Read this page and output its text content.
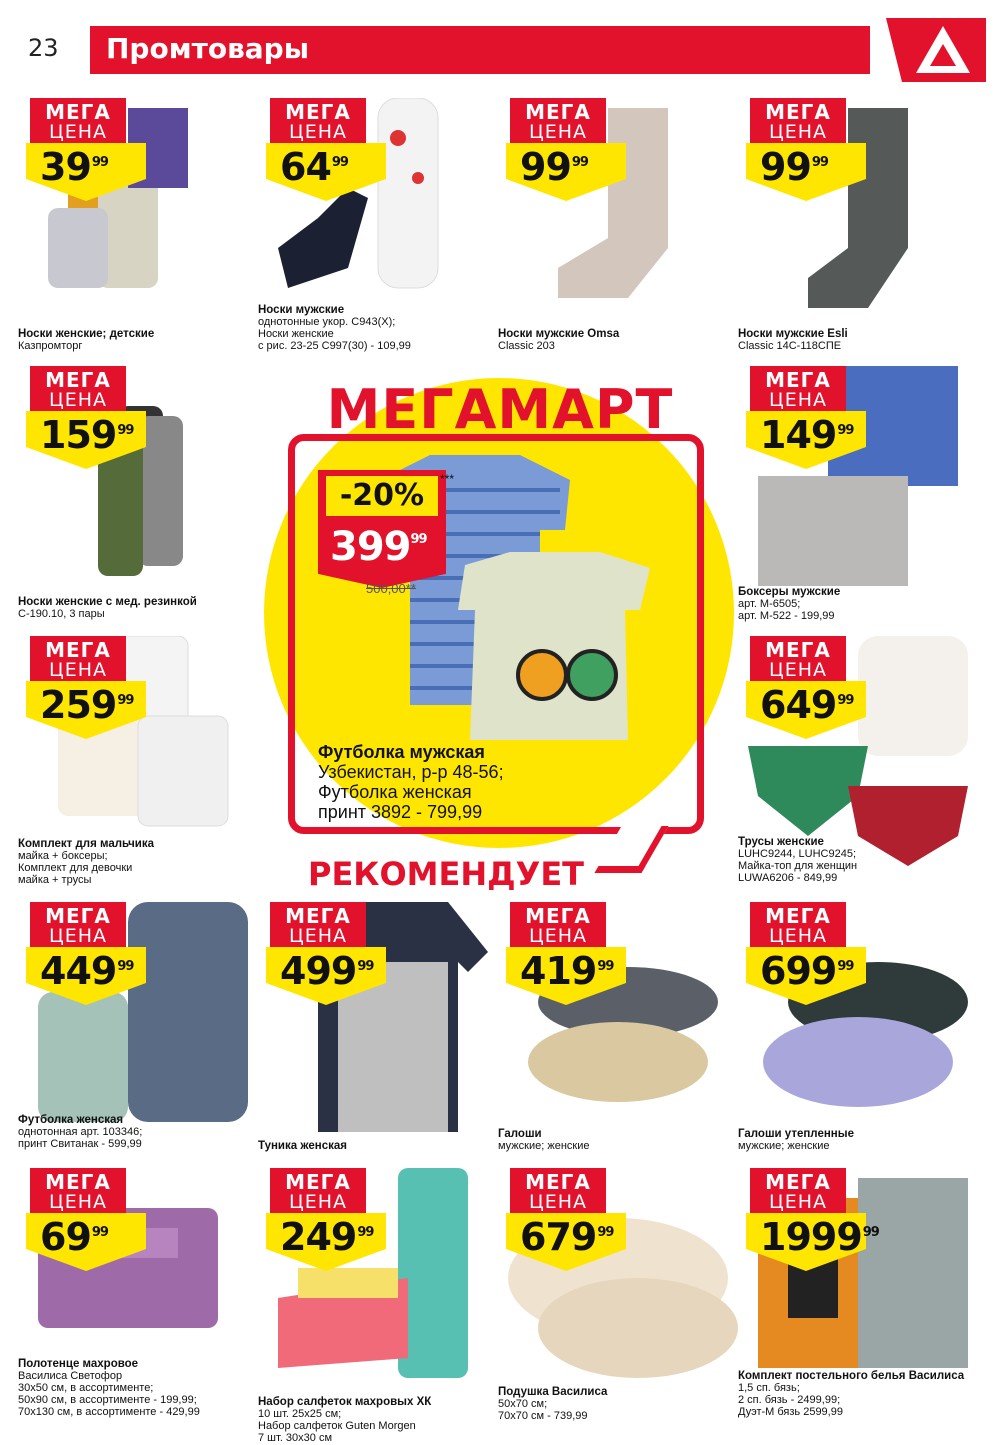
23 Промтовары
МЕГА
ЦЕНА
$39^{99}$
Носки женские; детские
Казпромторг
МЕГА
ЦЕНА
$64^{99}$
Носки мужские
однотонные укор. С943(Х);
Носки женские
с рис. 23-25 С997(30) - 109,99
МЕГА
ЦЕНА
$99^{99}$
Носки мужские Omsa
Classic 203
МЕГА
ЦЕНА
$99^{99}$
Носки мужские Esli
Classic 14С-118СПЕ
МЕГА
ЦЕНА
$159^{99}$
Носки женские с мед. резинкой
С-190.10, 3 пары
МЕГА
ЦЕНА
$149^{99}$
Боксеры мужские
арт. М-6505;
арт. М-522 - 199,99
МЕГА
ЦЕНА
$259^{99}$
Комплект для мальчика
майка + боксеры;
Комплект для девочки
майка + трусы
МЕГА
ЦЕНА
$649^{99}$
Трусы женские
LUHC9244, LUHC9245;
Майка-топ для женщин
LUWA6206 - 849,99
МЕГА
ЦЕНА
$449^{99}$
Футболка женская
однотонная арт. 103346;
принт Свитанак - 599,99
МЕГА
ЦЕНА
$499^{99}$
Туника женская
МЕГА
ЦЕНА
$419^{99}$
Галоши
мужские; женские
МЕГА
ЦЕНА
$699^{99}$
Галоши утепленные
мужские; женские
МЕГА
ЦЕНА
$69^{99}$
Полотенце махровое
Василиса Светофор
30х50 см, в ассортименте;
50х90 см, в ассортименте - 199,99;
70х130 см, в ассортименте - 429,99
МЕГА
ЦЕНА
$249^{99}$
Набор салфеток махровых ХК
10 шт. 25х25 см;
Набор салфеток Guten Morgen
7 шт. 30х30 см
МЕГА
ЦЕНА
$679^{99}$
Подушка Василиса
50х70 см;
70х70 см - 739,99
МЕГА
ЦЕНА
1999$^{99}$
Комплект постельного белья Василиса
1,5 сп. бязь;
2 сп. бязь - 2499,99;
Дуэт-М бязь 2599,99
МЕГАМАРТ
РЕКОМЕНДУЕТ
-20%	***
$399^{99}$
500,00**
Футболка мужская
Узбекистан, р-р 48-56;
Футболка женская
принт 3892 - 799,99
